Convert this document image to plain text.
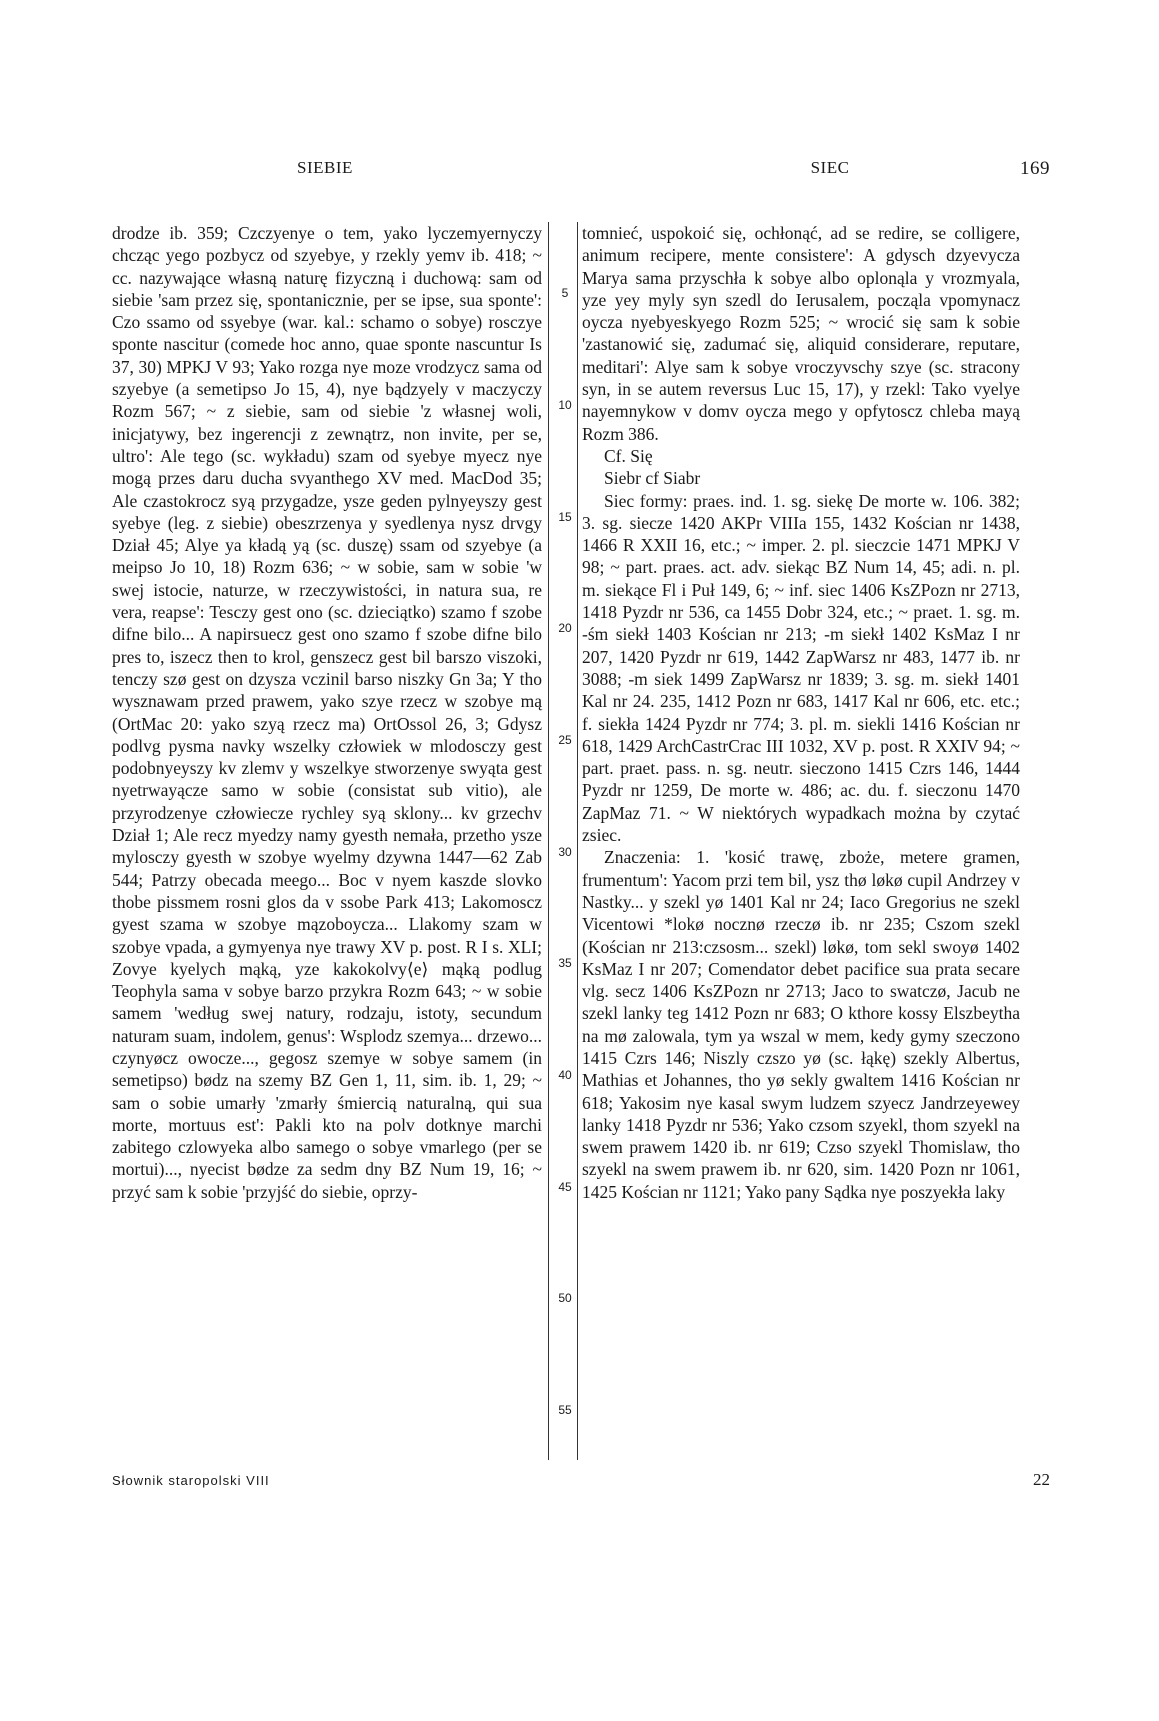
SIEBIE	SIEC	169

drodze ib. 359; Czczyenye o tem, yako lyczemyernyczy chcząc yego pozbycz od szyebye, y rzekly yemv ib. 418; ~ cc. nazywające własną naturę fizyczną i duchową: sam od siebie 'sam przez się, spontanicznie, per se ipse, sua sponte': Czo ssamo od ssyebye (war. kal.: schamo o sobye) rosczye sponte nascitur (comede hoc anno, quae sponte nascuntur Is 37, 30) MPKJ V 93; Yako rozga nye moze vrodzycz sama od szyebye (a semetipso Jo 15, 4), nye bądzyely v maczyczy Rozm 567; ~ z siebie, sam od siebie 'z własnej woli, inicjatywy, bez ingerencji z zewnątrz, non invite, per se, ultro': Ale tego (sc. wykładu) szam od syebye myecz nye mogą przes daru ducha svyanthego XV med. MacDod 35; Ale czastokrocz syą przygadze, ysze geden pylnyeyszy gest syebye (leg. z siebie) obeszrzenya y syedlenya nysz drvgy Dział 45; Alye ya kładą yą (sc. duszę) ssam od szyebye (a meipso Jo 10, 18) Rozm 636; ~ w sobie, sam w sobie 'w swej istocie, naturze, w rzeczywistości, in natura sua, re vera, reapse': Tesczy gest ono (sc. dzieciątko) szamo f szobe difne bilo... A napirsuecz gest ono szamo f szobe difne bilo pres to, iszecz then to krol, genszecz gest bil barszo viszoki, tenczy szø gest on dzysza vczinil barso niszky Gn 3a; Y tho wysznawam przed prawem, yako szye rzecz w szobye mą (OrtMac 20: yako szyą rzecz ma) OrtOssol 26, 3; Gdysz podlvg pysma navky wszelky człowiek w mlodosczy gest podobnyeyszy kv zlemv y wszelkye stworzenye swyąta gest nyetrwayącze samo w sobie (consistat sub vitio), ale przyrodzenye człowiecze rychley syą sklony... kv grzechv Dział 1; Ale recz myedzy namy gyesth nemała, przetho ysze mylosczy gyesth w szobye wyelmy dzywna 1447—62 Zab 544; Patrzy obecada meego... Boc v nyem kaszde slovko thobe pissmem rosni glos da v ssobe Park 413; Lakomoscz gyest szama w szobye mązoboycza... Llakomy szam w szobye vpada, a gymyenya nye trawy XV p. post. R I s. XLI; Zovye kyelych mąką, yze kakokolvy⟨e⟩ mąką podlug Teophyla sama v sobye barzo przykra Rozm 643; ~ w sobie samem 'według swej natury, rodzaju, istoty, secundum naturam suam, indolem, genus': Wsplodz szemya... drzewo... czynyøcz owocze..., gegosz szemye w sobye samem (in semetipso) bødz na szemy BZ Gen 1, 11, sim. ib. 1, 29; ~ sam o sobie umarły 'zmarły śmiercią naturalną, qui sua morte, mortuus est': Pakli kto na polv dotknye marchi zabitego czlowyeka albo samego o sobye vmarlego (per se mortui)..., nyecist bødze za sedm dny BZ Num 19, 16; ~ przyć sam k sobie 'przyjść do siebie, oprzy-

5
10
15
20
25
30
35
40
45
50
55

tomnieć, uspokoić się, ochłonąć, ad se redire, se colligere, animum recipere, mente consistere': A gdysch dzyevycza Marya sama przyschła k sobye albo oplonąla y vrozmyala, yze yey myly syn szedl do Ierusalem, począla vpomynacz oycza nyebyeskyego Rozm 525; ~ wrocić się sam k sobie 'zastanowić się, zadumać się, aliquid considerare, reputare, meditari': Alye sam k sobye vroczyvschy szye (sc. stracony syn, in se autem reversus Luc 15, 17), y rzekl: Tako vyelye nayemnykow v domv oycza mego y opfytoscz chleba mayą Rozm 386.

Cf. Się

Siebr cf Siabr

Siec formy: praes. ind. 1. sg. siekę De morte w. 106. 382; 3. sg. siecze 1420 AKPr VIIIa 155, 1432 Kościan nr 1438, 1466 R XXII 16, etc.; ~ imper. 2. pl. sieczcie 1471 MPKJ V 98; ~ part. praes. act. adv. siekąc BZ Num 14, 45; adi. n. pl. m. siekące Fl i Puł 149, 6; ~ inf. siec 1406 KsZPozn nr 2713, 1418 Pyzdr nr 536, ca 1455 Dobr 324, etc.; ~ praet. 1. sg. m. -śm siekł 1403 Kościan nr 213; -m siekł 1402 KsMaz I nr 207, 1420 Pyzdr nr 619, 1442 ZapWarsz nr 483, 1477 ib. nr 3088; -m siek 1499 ZapWarsz nr 1839; 3. sg. m. siekł 1401 Kal nr 24. 235, 1412 Pozn nr 683, 1417 Kal nr 606, etc. etc.; f. siekła 1424 Pyzdr nr 774; 3. pl. m. siekli 1416 Kościan nr 618, 1429 ArchCastrCrac III 1032, XV p. post. R XXIV 94; ~ part. praet. pass. n. sg. neutr. sieczono 1415 Czrs 146, 1444 Pyzdr nr 1259, De morte w. 486; ac. du. f. sieczonu 1470 ZapMaz 71. ~ W niektórych wypadkach można by czytać zsiec.

Znaczenia: 1. 'kosić trawę, zboże, metere gramen, frumentum': Yacom przi tem bil, ysz thø løkø cupil Andrzey v Nastky... y szekl yø 1401 Kal nr 24; Iaco Gregorius ne szekl Vicentowi *lokø nocznø rzeczø ib. nr 235; Cszom szekl (Kościan nr 213:czsosm... szekl) løkø, tom sekl swoyø 1402 KsMaz I nr 207; Comendator debet pacifice sua prata secare vlg. secz 1406 KsZPozn nr 2713; Jaco to swatczø, Jacub ne szekl lanky teg 1412 Pozn nr 683; O kthore kossy Elszbeytha na mø zalowala, tym ya wszal w mem, kedy gymy szeczono 1415 Czrs 146; Niszly czszo yø (sc. łąkę) szekly Albertus, Mathias et Johannes, tho yø sekly gwaltem 1416 Kościan nr 618; Yakosim nye kasal swym ludzem szyecz Jandrzeyewey lanky 1418 Pyzdr nr 536; Yako czsom szyekl, thom szyekl na swem prawem 1420 ib. nr 619; Czso szyekl Thomislaw, tho szyekl na swem prawem ib. nr 620, sim. 1420 Pozn nr 1061, 1425 Kościan nr 1121; Yako pany Sądka nye poszyekła laky

Słownik staropolski VIII	22
